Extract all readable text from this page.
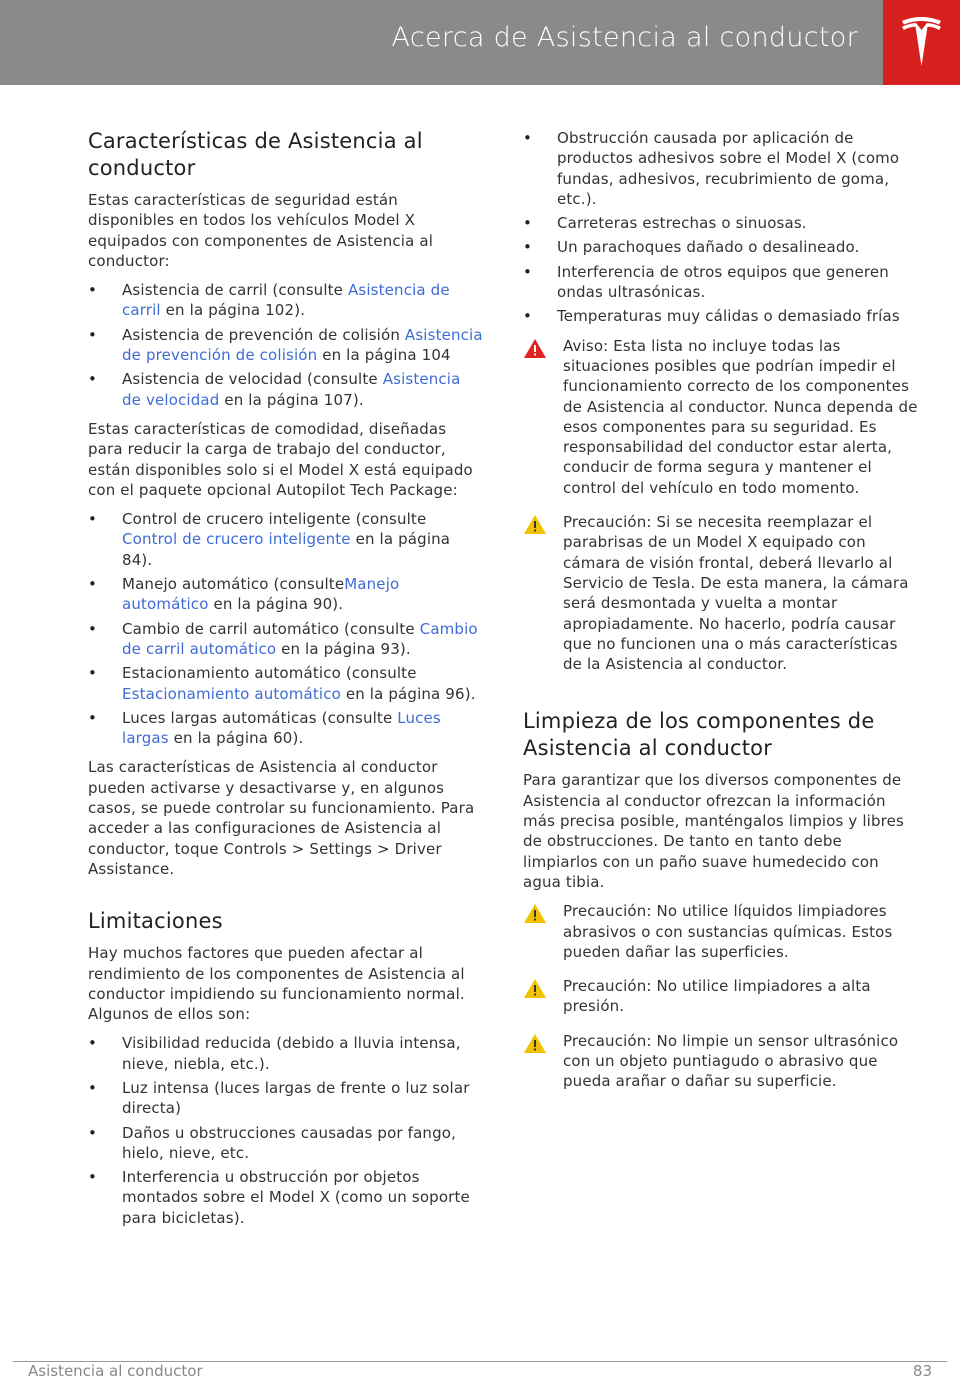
Acerca de Asistencia al conductor
Características de Asistencia al conductor

Estas características de seguridad están disponibles en todos los vehículos Model X equipados con componentes de Asistencia al conductor:

• Asistencia de carril (consulte Asistencia de carril en la página 102).
• Asistencia de prevención de colisión Asistencia de prevención de colisión en la página 104
• Asistencia de velocidad (consulte Asistencia de velocidad en la página 107).

Estas características de comodidad, diseñadas para reducir la carga de trabajo del conductor, están disponibles solo si el Model X está equipado con el paquete opcional Autopilot Tech Package:

• Control de crucero inteligente (consulte Control de crucero inteligente en la página 84).
• Manejo automático (consulteManejo automático en la página 90).
• Cambio de carril automático (consulte Cambio de carril automático en la página 93).
• Estacionamiento automático (consulte Estacionamiento automático en la página 96).
• Luces largas automáticas (consulte Luces largas en la página 60).

Las características de Asistencia al conductor pueden activarse y desactivarse y, en algunos casos, se puede controlar su funcionamiento. Para acceder a las configuraciones de Asistencia al conductor, toque Controls > Settings > Driver Assistance.

Limitaciones

Hay muchos factores que pueden afectar al rendimiento de los componentes de Asistencia al conductor impidiendo su funcionamiento normal. Algunos de ellos son:

• Visibilidad reducida (debido a lluvia intensa, nieve, niebla, etc.).
• Luz intensa (luces largas de frente o luz solar directa)
• Daños u obstrucciones causadas por fango, hielo, nieve, etc.
• Interferencia u obstrucción por objetos montados sobre el Model X (como un soporte para bicicletas).
• Obstrucción causada por aplicación de productos adhesivos sobre el Model X (como fundas, adhesivos, recubrimiento de goma, etc.).
• Carreteras estrechas o sinuosas.
• Un parachoques dañado o desalineado.
• Interferencia de otros equipos que generen ondas ultrasónicas.
• Temperaturas muy cálidas o demasiado frías

Aviso: Esta lista no incluye todas las situaciones posibles que podrían impedir el funcionamiento correcto de los componentes de Asistencia al conductor. Nunca dependa de esos componentes para su seguridad. Es responsabilidad del conductor estar alerta, conducir de forma segura y mantener el control del vehículo en todo momento.

Precaución: Si se necesita reemplazar el parabrisas de un Model X equipado con cámara de visión frontal, deberá llevarlo al Servicio de Tesla. De esta manera, la cámara será desmontada y vuelta a montar apropiadamente. No hacerlo, podría causar que no funcionen una o más características de la Asistencia al conductor.

Limpieza de los componentes de Asistencia al conductor

Para garantizar que los diversos componentes de Asistencia al conductor ofrezcan la información más precisa posible, manténgalos limpios y libres de obstrucciones. De tanto en tanto debe limpiarlos con un paño suave humedecido con agua tibia.

Precaución: No utilice líquidos limpiadores abrasivos o con sustancias químicas. Estos pueden dañar las superficies.

Precaución: No utilice limpiadores a alta presión.

Precaución: No limpie un sensor ultrasónico con un objeto puntiagudo o abrasivo que pueda arañar o dañar su superficie.

Asistencia al conductor	83
